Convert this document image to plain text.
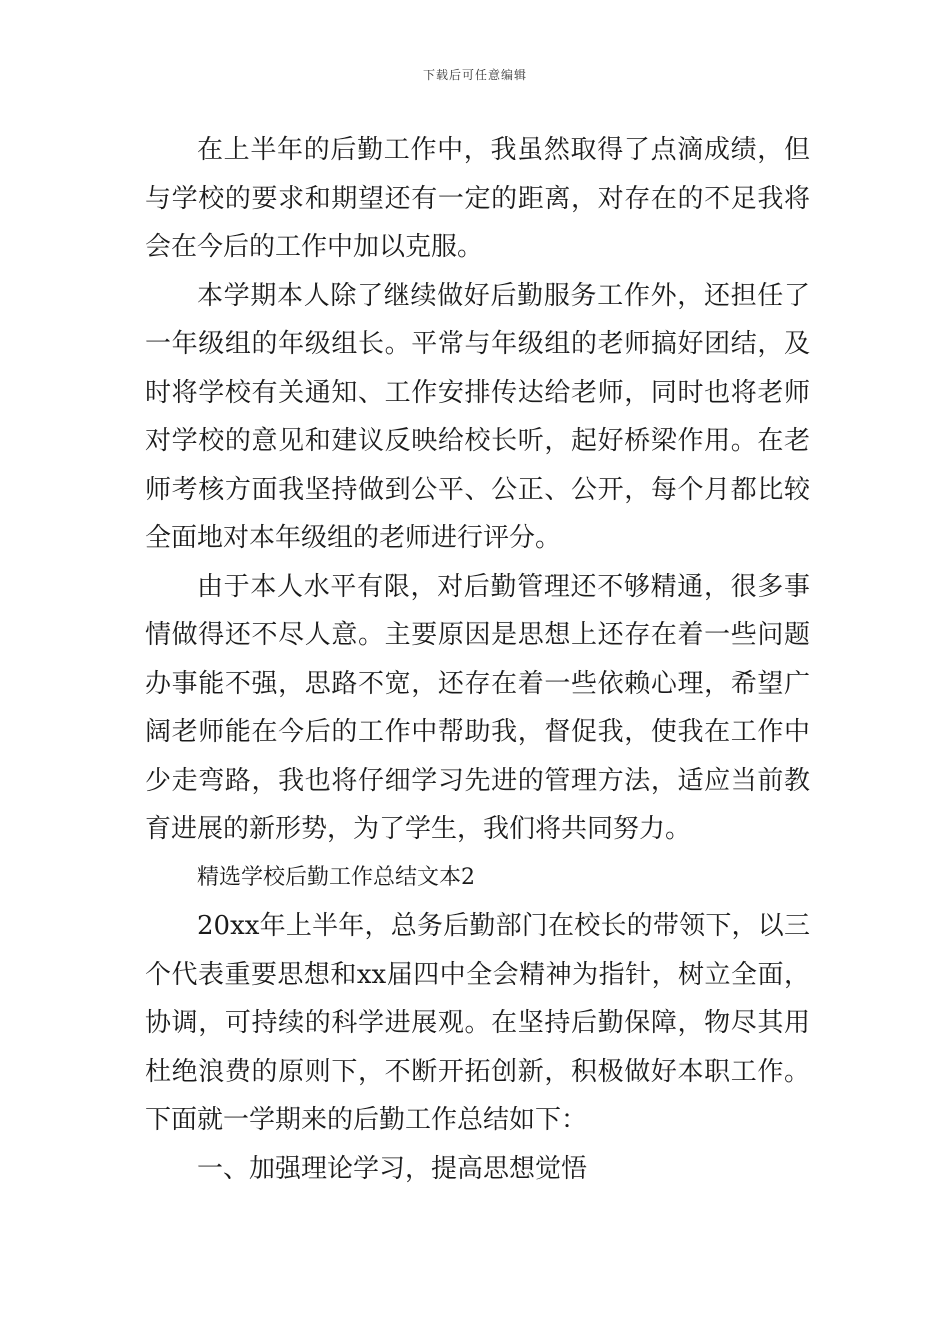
下载后可任意编辑

在上半年的后勤工作中，我虽然取得了点滴成绩，但与学校的要求和期望还有一定的距离，对存在的不足我将会在今后的工作中加以克服。

本学期本人除了继续做好后勤服务工作外，还担任了一年级组的年级组长。平常与年级组的老师搞好团结，及时将学校有关通知、工作安排传达给老师，同时也将老师对学校的意见和建议反映给校长听，起好桥梁作用。在老师考核方面我坚持做到公平、公正、公开，每个月都比较全面地对本年级组的老师进行评分。

由于本人水平有限，对后勤管理还不够精通，很多事情做得还不尽人意。主要原因是思想上还存在着一些问题办事能不强，思路不宽，还存在着一些依赖心理，希望广阔老师能在今后的工作中帮助我，督促我，使我在工作中少走弯路，我也将仔细学习先进的管理方法，适应当前教育进展的新形势，为了学生，我们将共同努力。

精选学校后勤工作总结文本2

20xx年上半年，总务后勤部门在校长的带领下，以三个代表重要思想和xx届四中全会精神为指针，树立全面，协调，可持续的科学进展观。在坚持后勤保障，物尽其用杜绝浪费的原则下，不断开拓创新，积极做好本职工作。下面就一学期来的后勤工作总结如下：

一、加强理论学习，提高思想觉悟
